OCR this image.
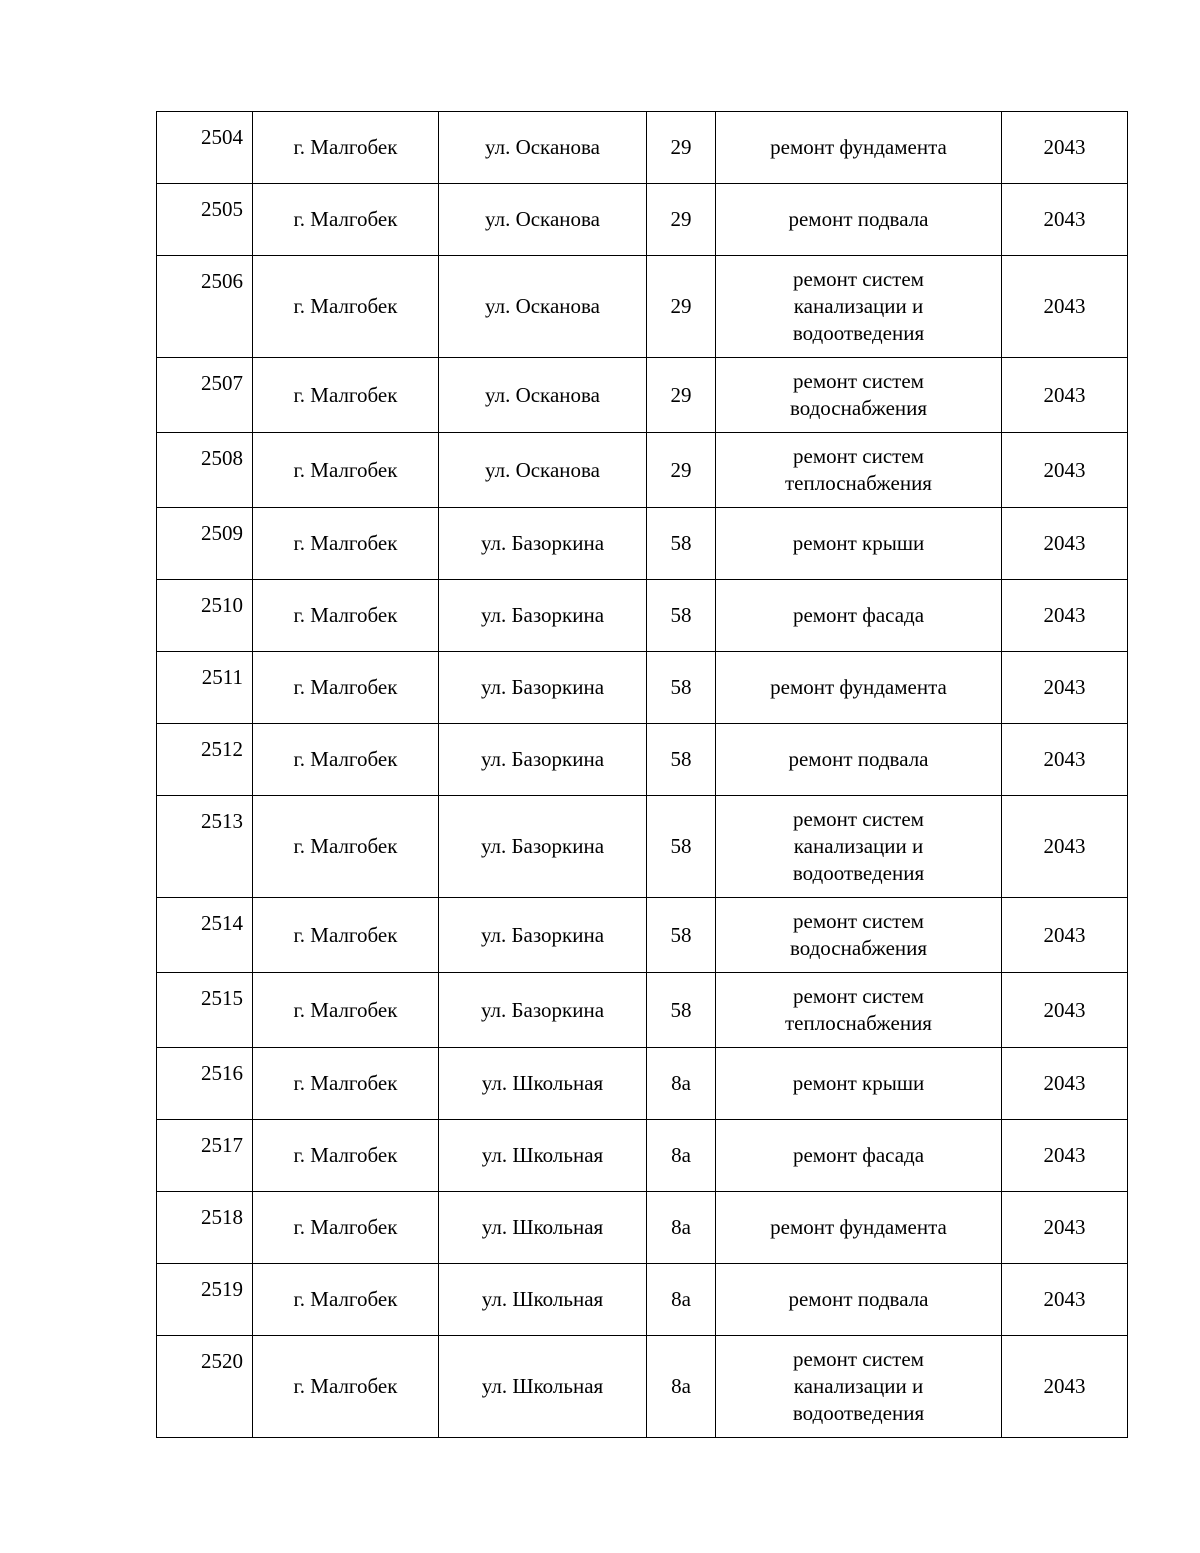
2504	г. Малгобек	ул. Осканова	29	ремонт фундамента	2043
2505	г. Малгобек	ул. Осканова	29	ремонт подвала	2043
2506	г. Малгобек	ул. Осканова	29	ремонт систем
канализации и
водоотведения	2043
2507	г. Малгобек	ул. Осканова	29	ремонт систем
водоснабжения	2043
2508	г. Малгобек	ул. Осканова	29	ремонт систем
теплоснабжения	2043
2509	г. Малгобек	ул. Базоркина	58	ремонт крыши	2043
2510	г. Малгобек	ул. Базоркина	58	ремонт фасада	2043
2511	г. Малгобек	ул. Базоркина	58	ремонт фундамента	2043
2512	г. Малгобек	ул. Базоркина	58	ремонт подвала	2043
2513	г. Малгобек	ул. Базоркина	58	ремонт систем
канализации и
водоотведения	2043
2514	г. Малгобек	ул. Базоркина	58	ремонт систем
водоснабжения	2043
2515	г. Малгобек	ул. Базоркина	58	ремонт систем
теплоснабжения	2043
2516	г. Малгобек	ул. Школьная	8а	ремонт крыши	2043
2517	г. Малгобек	ул. Школьная	8а	ремонт фасада	2043
2518	г. Малгобек	ул. Школьная	8а	ремонт фундамента	2043
2519	г. Малгобек	ул. Школьная	8а	ремонт подвала	2043
2520	г. Малгобек	ул. Школьная	8а	ремонт систем
канализации и
водоотведения	2043
